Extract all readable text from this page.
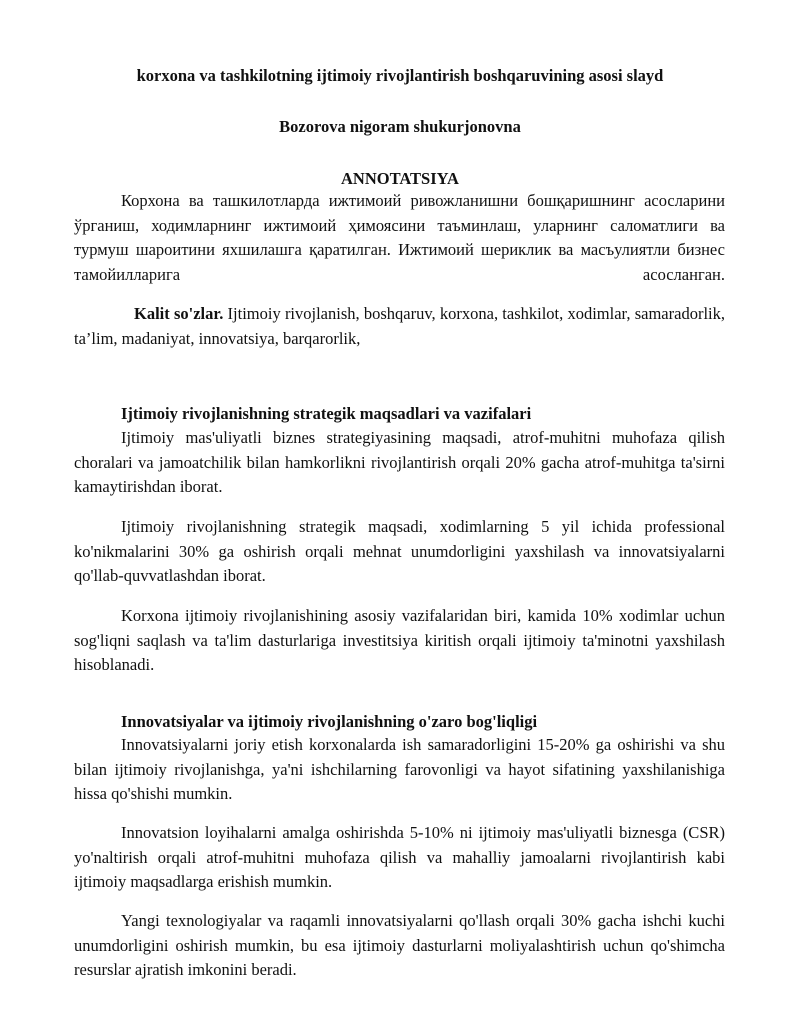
korxona va tashkilotning ijtimoiy rivojlantirish boshqaruvining asosi slayd
Bozorova nigoram shukurjonovna
ANNOTATSIYA
Корхона ва ташкилотларда ижтимоий ривожланишни бошқаришнинг асосларини ўрганиш, ходимларнинг ижтимоий ҳимоясини таъминлаш, уларнинг саломатлиги ва турмуш шароитини яхшилашга қаратилган. Ижтимоий шериклик ва масъулиятли бизнес тамойилларига асосланган.
Kalit so'zlar. Ijtimoiy rivojlanish, boshqaruv, korxona, tashkilot, xodimlar, samaradorlik, ta’lim, madaniyat, innovatsiya, barqarorlik,
Ijtimoiy rivojlanishning strategik maqsadlari va vazifalari
Ijtimoiy mas'uliyatli biznes strategiyasining maqsadi, atrof-muhitni muhofaza qilish choralari va jamoatchilik bilan hamkorlikni rivojlantirish orqali 20% gacha atrof-muhitga ta'sirni kamaytirishdan iborat.
Ijtimoiy rivojlanishning strategik maqsadi, xodimlarning 5 yil ichida professional ko'nikmalarini 30% ga oshirish orqali mehnat unumdorligini yaxshilash va innovatsiyalarni qo'llab-quvvatlashdan iborat.
Korxona ijtimoiy rivojlanishining asosiy vazifalaridan biri, kamida 10% xodimlar uchun sog'liqni saqlash va ta'lim dasturlariga investitsiya kiritish orqali ijtimoiy ta'minotni yaxshilash hisoblanadi.
Innovatsiyalar va ijtimoiy rivojlanishning o'zaro bog'liqligi
Innovatsiyalarni joriy etish korxonalarda ish samaradorligini 15-20% ga oshirishi va shu bilan ijtimoiy rivojlanishga, ya'ni ishchilarning farovonligi va hayot sifatining yaxshilanishiga hissa qo'shishi mumkin.
Innovatsion loyihalarni amalga oshirishda 5-10% ni ijtimoiy mas'uliyatli biznesga (CSR) yo'naltirish orqali atrof-muhitni muhofaza qilish va mahalliy jamoalarni rivojlantirish kabi ijtimoiy maqsadlarga erishish mumkin.
Yangi texnologiyalar va raqamli innovatsiyalarni qo'llash orqali 30% gacha ishchi kuchi unumdorligini oshirish mumkin, bu esa ijtimoiy dasturlarni moliyalashtirish uchun qo'shimcha resurslar ajratish imkonini beradi.
